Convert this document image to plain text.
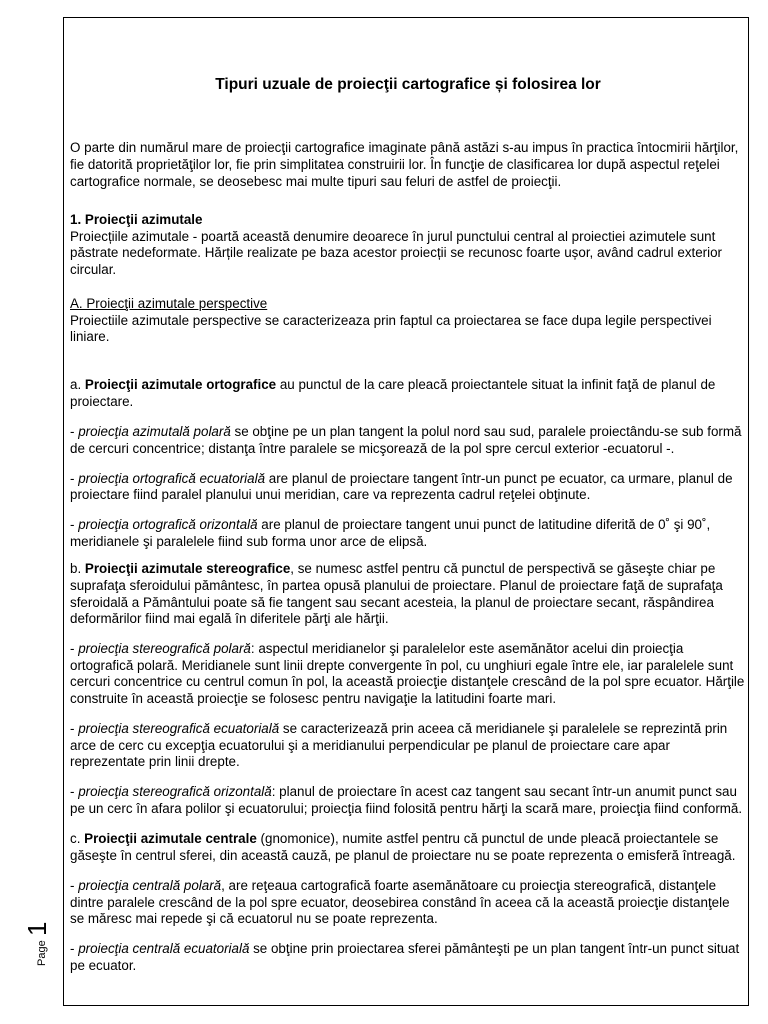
Tipuri uzuale de proiecţii cartografice și folosirea lor

O parte din numărul mare de proiecţii cartografice imaginate până astăzi s-au impus în practica întocmirii hărţilor, fie datorită proprietăţilor lor, fie prin simplitatea construirii lor. În funcţie de clasificarea lor după aspectul reţelei cartografice normale, se deosebesc mai multe tipuri sau feluri de astfel de proiecţii.

1. Proiecţii azimutale
Proiecțiile azimutale - poartă această denumire deoarece în jurul punctului central al proiectiei azimutele sunt păstrate nedeformate. Hărțile realizate pe baza acestor proiecții se recunosc foarte ușor, având cadrul exterior circular.
A. Proiecţii azimutale perspective
Proiectiile azimutale perspective se caracterizeaza prin faptul ca proiectarea se face dupa legile perspectivei liniare.

a. Proiecţii azimutale ortografice au punctul de la care pleacă proiectantele situat la infinit faţă de planul de proiectare.

- proiecţia azimutală polară se obţine pe un plan tangent la polul nord sau sud, paralele proiectându-se sub formă de cercuri concentrice; distanţa între paralele se micşorează de la pol spre cercul exterior -ecuatorul -.

- proiecţia ortografică ecuatorială are planul de proiectare tangent într-un punct pe ecuator, ca urmare, planul de proiectare fiind paralel planului unui meridian, care va reprezenta cadrul reţelei obţinute.

- proiecţia ortografică orizontală are planul de proiectare tangent unui punct de latitudine diferită de 0˚ şi 90˚, meridianele şi paralelele fiind sub forma unor arce de elipsă.

b. Proiecţii azimutale stereografice, se numesc astfel pentru că punctul de perspectivă se găseşte chiar pe suprafaţa sferoidului pământesc, în partea opusă planului de proiectare. Planul de proiectare faţă de suprafaţa sferoidală a Pământului poate să fie tangent sau secant acesteia, la planul de proiectare secant, răspândirea deformărilor fiind mai egală în diferitele părţi ale hărţii.

- proiecţia stereografică polară: aspectul meridianelor şi paralelelor este asemănător acelui din proiecţia ortografică polară. Meridianele sunt linii drepte convergente în pol, cu unghiuri egale între ele, iar paralelele sunt cercuri concentrice cu centrul comun în pol, la această proiecţie distanţele crescând de la pol spre ecuator. Hărţile construite în această proiecţie se folosesc pentru navigaţie la latitudini foarte mari.

- proiecţia stereografică ecuatorială se caracterizează prin aceea că meridianele şi paralelele se reprezintă prin arce de cerc cu excepţia ecuatorului şi a meridianului perpendicular pe planul de proiectare care apar reprezentate prin linii drepte.

- proiecţia stereografică orizontală: planul de proiectare în acest caz tangent sau secant într-un anumit punct sau pe un cerc în afara polilor şi ecuatorului; proiecţia fiind folosită pentru hărţi la scară mare, proiecţia fiind conformă.

c. Proiecţii azimutale centrale (gnomonice), numite astfel pentru că punctul de unde pleacă proiectantele se găseşte în centrul sferei, din această cauză, pe planul de proiectare nu se poate reprezenta o emisferă întreagă.

- proiecţia centrală polară, are reţeaua cartografică foarte asemănătoare cu proiecţia stereografică, distanţele dintre paralele crescând de la pol spre ecuator, deosebirea constând în aceea că la această proiecţie distanţele se măresc mai repede şi că ecuatorul nu se poate reprezenta.

- proiecţia centrală ecuatorială se obţine prin proiectarea sferei pământeşti pe un plan tangent într-un punct situat pe ecuator.

Page
1
